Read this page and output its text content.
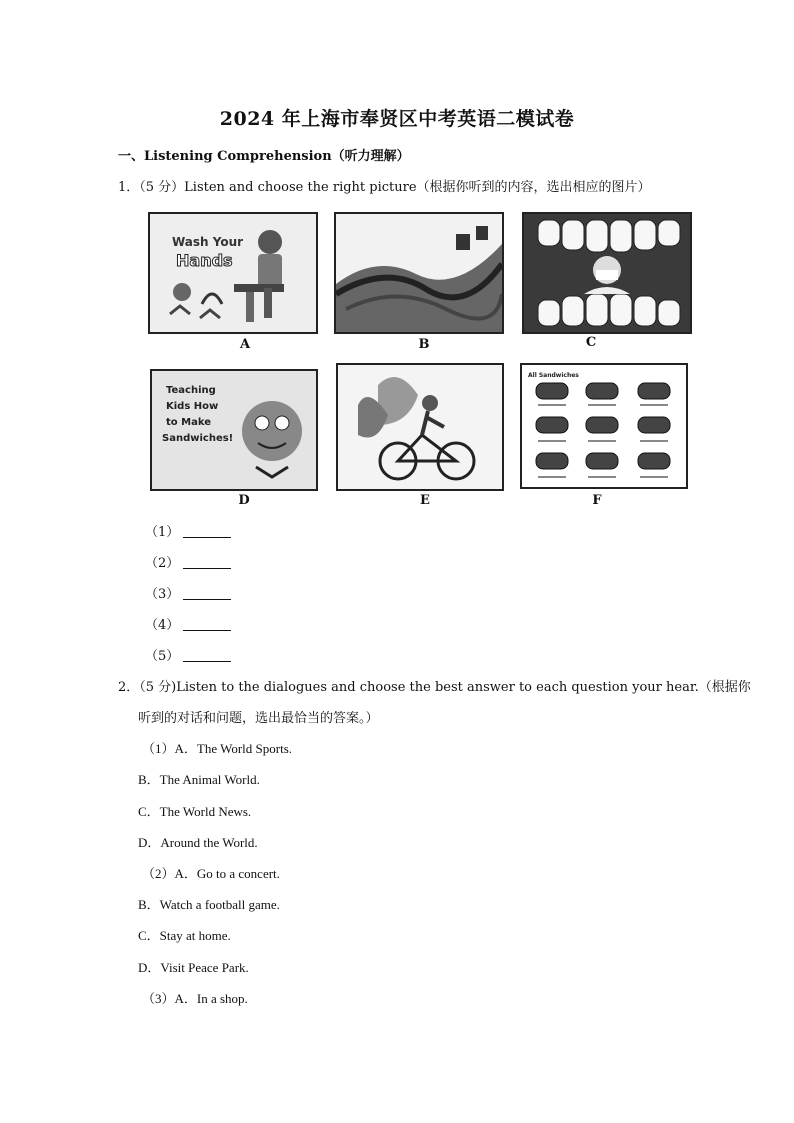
2024 年上海市奉贤区中考英语二模试卷
一、Listening Comprehension（听力理解）
1．（5 分）Listen and choose the right picture（根据你听到的内容，选出相应的图片）
Wash Your
Hands
A	B	C
Teaching
Kids How
to Make
Sandwiches!
D	E
All Sandwiches
F
（1）
（2）
（3）
（4）
（5）
2．（5 分)Listen to the dialogues and choose the best answer to each question your hear.（根据你
听到的对话和问题，选出最恰当的答案。）
（1）A．The World Sports.
B．The Animal World.
C．The World News.
D．Around the World.
（2）A．Go to a concert.
B．Watch a football game.
C．Stay at home.
D．Visit Peace Park.
（3）A．In a shop.
